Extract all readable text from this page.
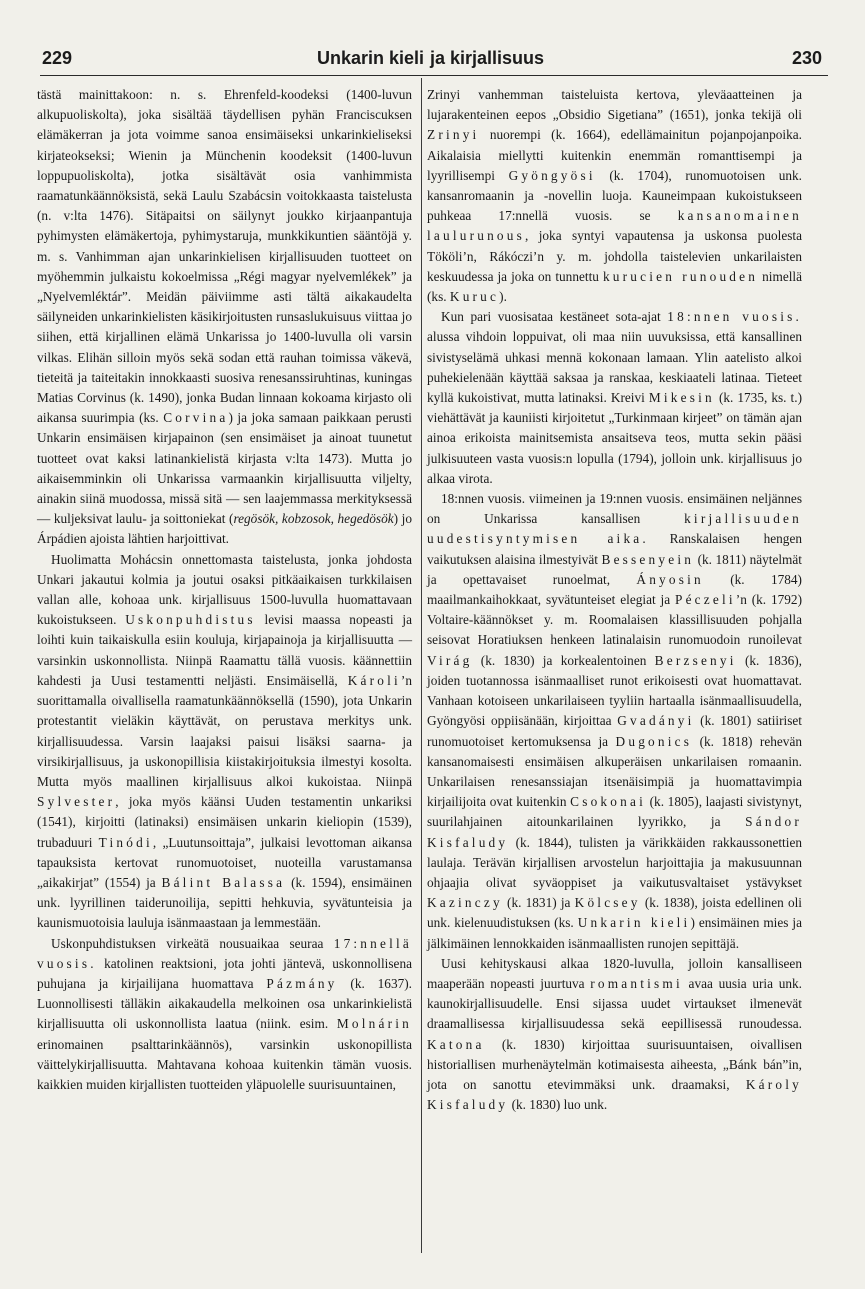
229	Unkarin kieli ja kirjallisuus	230

tästä mainittakoon: n. s. Ehrenfeld-koodeksi (1400-luvun alkupuoliskolta), joka sisältää täydellisen pyhän Franciscuksen elämäkerran ja jota voimme sanoa ensimäiseksi unkarinkieliseksi kirjateokseksi; Wienin ja Münchenin koodeksit (1400-luvun loppupuoliskolta), jotka sisältävät osia vanhimmista raamatunkäännöksistä, sekä Laulu Szabácsin voitokkaasta taistelusta (n. v:lta 1476). Sitäpaitsi on säilynyt joukko kirjaanpantuja pyhimysten elämäkertoja, pyhimystaruja, munkkikuntien sääntöjä y. m. s. Vanhimman ajan unkarinkielisen kirjallisuuden tuotteet on myöhemmin julkaistu kokoelmissa „Régi magyar nyelvemlékek” ja „Nyelvemléktár”. Meidän päiviimme asti tältä aikakaudelta säilyneiden unkarinkielisten käsikirjoitusten runsaslukuisuus viittaa jo siihen, että kirjallinen elämä Unkarissa jo 1400-luvulla oli varsin vilkas. Elihän silloin myös sekä sodan että rauhan toimissa väkevä, tieteitä ja taiteitakin innokkaasti suosiva renesanssiruhtinas, kuningas Matias Corvinus (k. 1490), jonka Budan linnaan kokoama kirjasto oli aikansa suurimpia (ks. Corvina) ja joka samaan paikkaan perusti Unkarin ensimäisen kirjapainon (sen ensimäiset ja ainoat tuunetut tuotteet ovat kaksi latinankielistä kirjasta v:lta 1473). Mutta jo aikaisemminkin oli Unkarissa varmaankin kirjallisuutta viljelty, ainakin siinä muodossa, missä sitä — sen laajemmassa merkityksessä — kuljeksivat laulu- ja soittoniekat (regösök, kobzosok, hegedösök) jo Árpádien ajoista lähtien harjoittivat.

Huolimatta Mohácsin onnettomasta taistelusta, jonka johdosta Unkari jakautui kolmia ja joutui osaksi pitkäaikaisen turkkilaisen vallan alle, kohoaa unk. kirjallisuus 1500-luvulla huomattavaan kukoistukseen. Uskonpuhdistus levisi maassa nopeasti ja loihti kuin taikaiskulla esiin kouluja, kirjapainoja ja kirjallisuutta — varsinkin uskonnollista. Niinpä Raamattu tällä vuosis. käännettiin kahdesti ja Uusi testamentti neljästi. Ensimäisellä, Károli’n suorittamalla oivallisella raamatunkäännöksellä (1590), jota Unkarin protestantit vieläkin käyttävät, on perustava merkitys unk. kirjallisuudessa. Varsin laajaksi paisui lisäksi saarna- ja virsikirjallisuus, ja uskonopillisia kiistakirjoituksia ilmestyi kosolta. Mutta myös maallinen kirjallisuus alkoi kukoistaa. Niinpä Sylvester, joka myös käänsi Uuden testamentin unkariksi (1541), kirjoitti (latinaksi) ensimäisen unkarin kieliopin (1539), trubaduuri Tinódi, „Luutunsoittaja”, julkaisi levottoman aikansa tapauksista kertovat runomuotoiset, nuoteilla varustamansa „aikakirjat” (1554) ja Bálint Balassa (k. 1594), ensimäinen unk. lyyrillinen taiderunoilija, sepitti hehkuvia, syvätunteisia ja kaunismuotoisia lauluja isänmaastaan ja lemmestään.

Uskonpuhdistuksen virkeätä nousuaikaa seuraa 17:nnellä vuosis. katolinen reaktsioni, jota johti jäntevä, uskonnollisena puhujana ja kirjailijana huomattava Pázmány (k. 1637). Luonnollisesti tälläkin aikakaudella melkoinen osa unkarinkielistä kirjallisuutta oli uskonnollista laatua (niink. esim. Molnárin erinomainen psalttarinkäännös), varsinkin uskonopillista väittelykirjallisuutta. Mahtavana kohoaa kuitenkin tämän vuosis. kaikkien muiden kirjallisten tuotteiden yläpuolelle suurisuuntainen,

Zrinyi vanhemman taisteluista kertova, yleväaatteinen ja lujarakenteinen eepos „Obsidio Sigetiana” (1651), jonka tekijä oli Zrinyi nuorempi (k. 1664), edellämainitun pojanpojanpoika. Aikalaisia miellytti kuitenkin enemmän romanttisempi ja lyyrillisempi Gyöngyösi (k. 1704), runomuotoisen unk. kansanromaanin ja -novellin luoja. Kauneimpaan kukoistukseen puhkeaa 17:nnellä vuosis. se kansanomainen laulurunous, joka syntyi vapautensa ja uskonsa puolesta Tököli’n, Rákóczi’n y. m. johdolla taistelevien unkarilaisten keskuudessa ja joka on tunnettu kurucien runouden nimellä (ks. Kuruc).

Kun pari vuosisataa kestäneet sota-ajat 18:nnen vuosis. alussa vihdoin loppuivat, oli maa niin uuvuksissa, että kansallinen sivistyselämä uhkasi mennä kokonaan lamaan. Ylin aatelisto alkoi puhekielenään käyttää saksaa ja ranskaa, keskiaateli latinaa. Tieteet kyllä kukoistivat, mutta latinaksi. Kreivi Mikesin (k. 1735, ks. t.) viehättävät ja kauniisti kirjoitetut „Turkinmaan kirjeet” on tämän ajan ainoa erikoista mainitsemista ansaitseva teos, mutta sekin pääsi julkisuuteen vasta vuosis:n lopulla (1794), jolloin unk. kirjallisuus jo alkaa virota.

18:nnen vuosis. viimeinen ja 19:nnen vuosis. ensimäinen neljännes on Unkarissa kansallisen kirjallisuuden uudestisyntymisen aika. Ranskalaisen hengen vaikutuksen alaisina ilmestyivät Bessenyein (k. 1811) näytelmät ja opettavaiset runoelmat, Ányosin (k. 1784) maailmankaihokkaat, syvätunteiset elegiat ja Péczeli’n (k. 1792) Voltaire-käännökset y. m. Roomalaisen klassillisuuden pohjalla seisovat Horatiuksen henkeen latinalaisin runomuodoin runoilevat Virág (k. 1830) ja korkealentoinen Berzsenyi (k. 1836), joiden tuotannossa isänmaalliset runot erikoisesti ovat huomattavat. Vanhaan kotoiseen unkarilaiseen tyyliin hartaalla isänmaallisuudella, Gyöngyösi oppiisänään, kirjoittaa Gvadányi (k. 1801) satiiriset runomuotoiset kertomuksensa ja Dugonics (k. 1818) rehevän kansanomaisesti ensimäisen alkuperäisen unkarilaisen romaanin. Unkarilaisen renesanssiajan itsenäisimpiä ja huomattavimpia kirjailijoita ovat kuitenkin Csokonai (k. 1805), laajasti sivistynyt, suurilahjainen aitounkarilainen lyyrikko, ja Sándor Kisfaludy (k. 1844), tulisten ja värikkäiden rakkaussonettien laulaja. Terävän kirjallisen arvostelun harjoittajia ja makusuunnan ohjaajia olivat syväoppiset ja vaikutusvaltaiset ystävykset Kazinczy (k. 1831) ja Kölcsey (k. 1838), joista edellinen oli unk. kielenuudistuksen (ks. Unkarin kieli) ensimäinen mies ja jälkimäinen lennokkaiden isänmaallisten runojen sepittäjä.

Uusi kehityskausi alkaa 1820-luvulla, jolloin kansalliseen maaperään nopeasti juurtuva romantismi avaa uusia uria unk. kaunokirjallisuudelle. Ensi sijassa uudet virtaukset ilmenevät draamallisessa kirjallisuudessa sekä eepillisessä runoudessa. Katona (k. 1830) kirjoittaa suurisuuntaisen, oivallisen historiallisen murhenäytelmän kotimaisesta aiheesta, „Bánk bán”in, jota on sanottu etevimmäksi unk. draamaksi, Károly Kisfaludy (k. 1830) luo unk.
